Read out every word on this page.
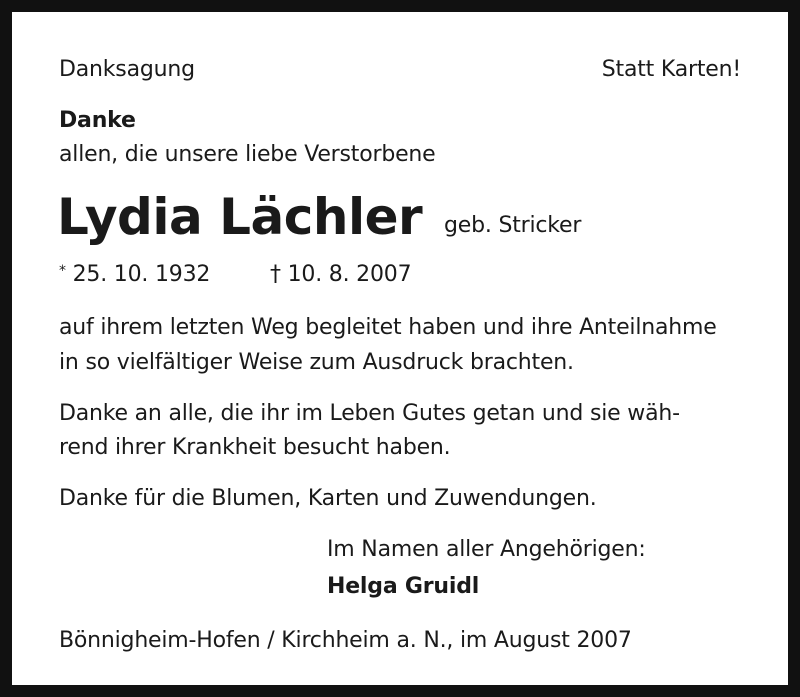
Danksagung	Statt Karten!
Danke
allen, die unsere liebe Verstorbene
Lydia Lächler geb. Stricker
* 25. 10. 1932	† 10. 8. 2007
auf ihrem letzten Weg begleitet haben und ihre Anteilnahme
in so vielfältiger Weise zum Ausdruck brachten.
Danke an alle, die ihr im Leben Gutes getan und sie wäh-
rend ihrer Krankheit besucht haben.
Danke für die Blumen, Karten und Zuwendungen.
Im Namen aller Angehörigen:
Helga Gruidl
Bönnigheim-Hofen / Kirchheim a. N., im August 2007
